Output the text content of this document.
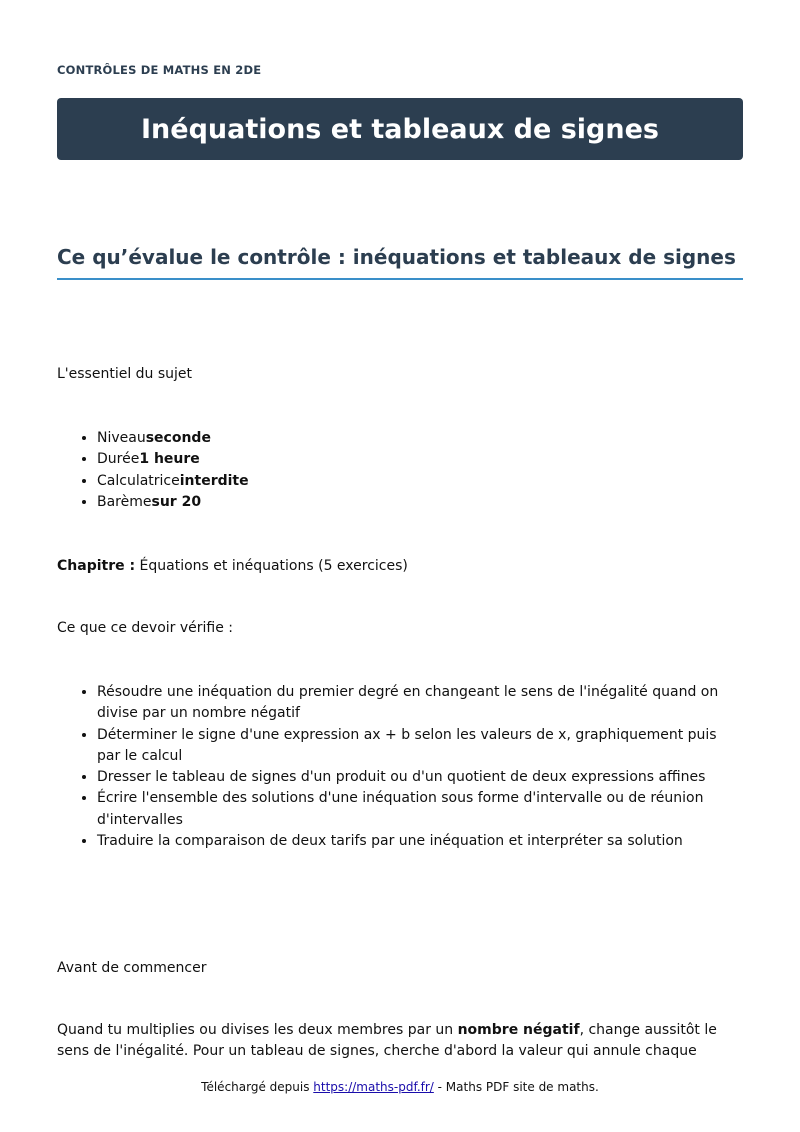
CONTRÔLES DE MATHS EN 2DE
Inéquations et tableaux de signes
Ce qu’évalue le contrôle : inéquations et tableaux de signes

L'essentiel du sujet

• Niveauseconde
• Durée1 heure
• Calculatriceinterdite
• Barèmesur 20

Chapitre : Équations et inéquations (5 exercices)

Ce que ce devoir vérifie :

• Résoudre une inéquation du premier degré en changeant le sens de l'inégalité quand on divise par un nombre négatif
• Déterminer le signe d'une expression ax + b selon les valeurs de x, graphiquement puis par le calcul
• Dresser le tableau de signes d'un produit ou d'un quotient de deux expressions affines
• Écrire l'ensemble des solutions d'une inéquation sous forme d'intervalle ou de réunion d'intervalles
• Traduire la comparaison de deux tarifs par une inéquation et interpréter sa solution

Avant de commencer

Quand tu multiplies ou divises les deux membres par un nombre négatif, change aussitôt le sens de l'inégalité. Pour un tableau de signes, cherche d'abord la valeur qui annule chaque

Téléchargé depuis https://maths-pdf.fr/ - Maths PDF site de maths.
